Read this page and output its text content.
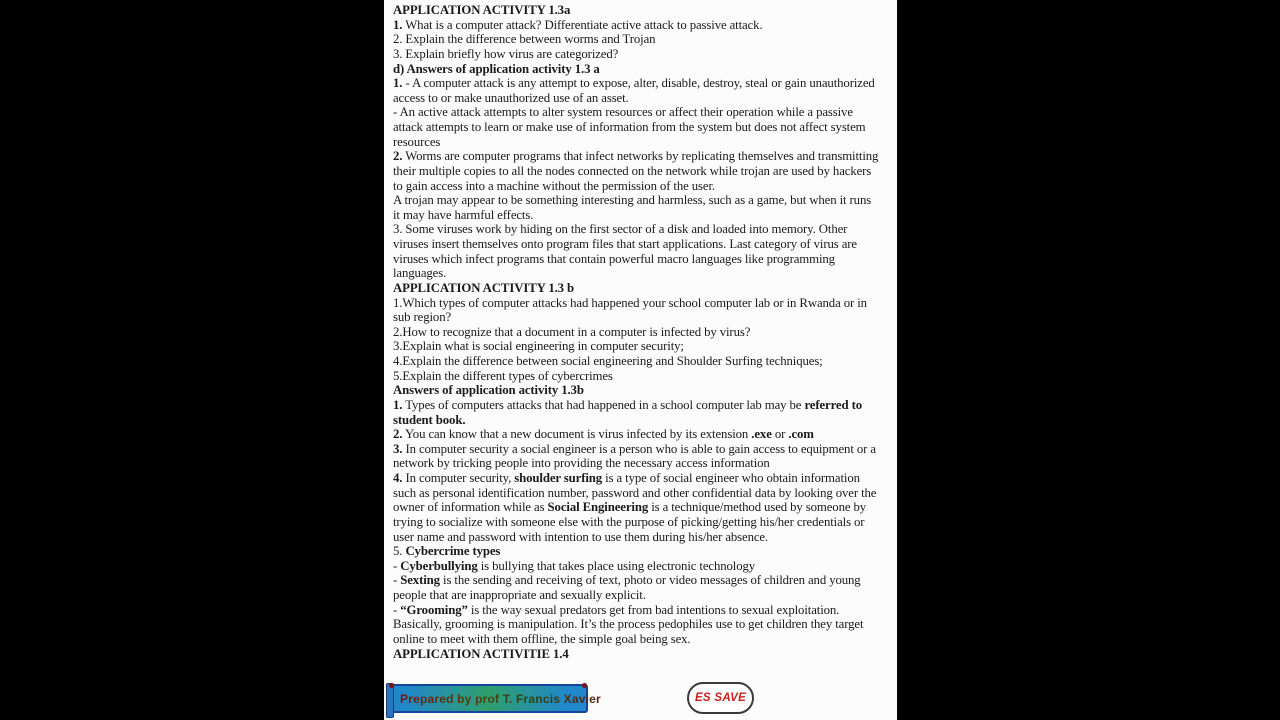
APPLICATION ACTIVITY 1.3a
1. What is a computer attack? Differentiate active attack to passive attack.
2. Explain the difference between worms and Trojan
3. Explain briefly how virus are categorized?
d) Answers of application activity 1.3 a
1. - A computer attack is any attempt to expose, alter, disable, destroy, steal or gain unauthorized
access to or make unauthorized use of an asset.
- An active attack attempts to alter system resources or affect their operation while a passive
attack attempts to learn or make use of information from the system but does not affect system
resources
2. Worms are computer programs that infect networks by replicating themselves and transmitting
their multiple copies to all the nodes connected on the network while trojan are used by hackers
to gain access into a machine without the permission of the user.
A trojan may appear to be something interesting and harmless, such as a game, but when it runs
it may have harmful effects.
3. Some viruses work by hiding on the first sector of a disk and loaded into memory. Other
viruses insert themselves onto program files that start applications. Last category of virus are
viruses which infect programs that contain powerful macro languages like programming
languages.
APPLICATION ACTIVITY 1.3 b
1.Which types of computer attacks had happened your school computer lab or in Rwanda or in
sub region?
2.How to recognize that a document in a computer is infected by virus?
3.Explain what is social engineering in computer security;
4.Explain the difference between social engineering and Shoulder Surfing techniques;
5.Explain the different types of cybercrimes
Answers of application activity 1.3b
1. Types of computers attacks that had happened in a school computer lab may be referred to
student book.
2. You can know that a new document is virus infected by its extension .exe or .com
3. In computer security a social engineer is a person who is able to gain access to equipment or a
network by tricking people into providing the necessary access information
4. In computer security, shoulder surfing is a type of social engineer who obtain information
such as personal identification number, password and other confidential data by looking over the
owner of information while as Social Engineering is a technique/method used by someone by
trying to socialize with someone else with the purpose of picking/getting his/her credentials or
user name and password with intention to use them during his/her absence.
5. Cybercrime types
- Cyberbullying is bullying that takes place using electronic technology
- Sexting is the sending and receiving of text, photo or video messages of children and young
people that are inappropriate and sexually explicit.
- “Grooming” is the way sexual predators get from bad intentions to sexual exploitation.
Basically, grooming is manipulation. It’s the process pedophiles use to get children they target
online to meet with them offline, the simple goal being sex.
APPLICATION ACTIVITIE 1.4
Prepared by prof T. Francis Xavier	ES SAVE
